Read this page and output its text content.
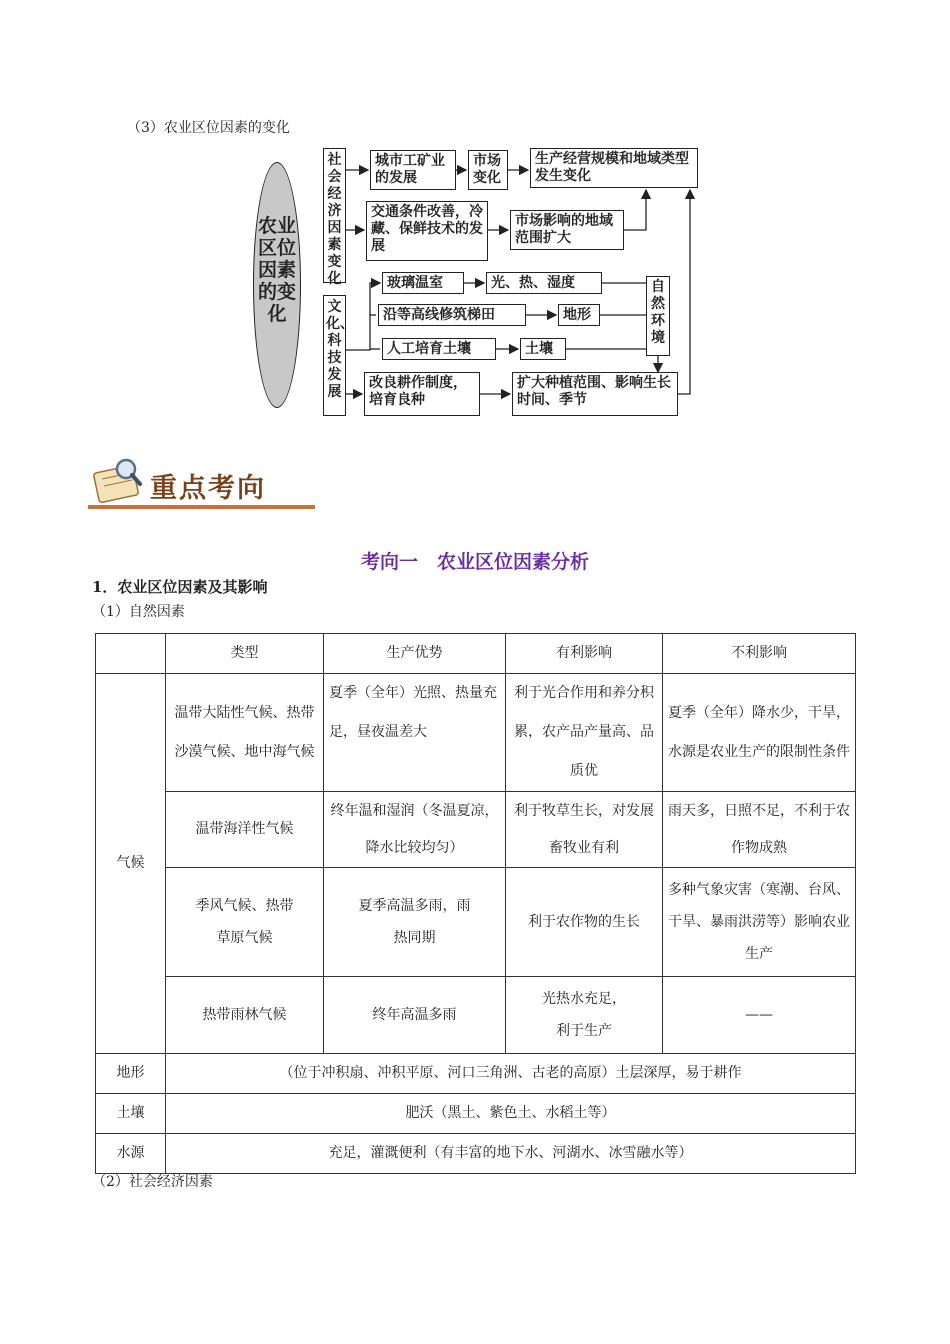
（3）农业区位因素的变化
农业区位因素的变化
社会经济因素变化
文化、科技发展
城市工矿业的发展
市场变化
生产经营规模和地域类型发生变化
交通条件改善，冷藏、保鲜技术的发展
市场影响的地域范围扩大
玻璃温室	光、热、湿度
沿等高线修筑梯田	地形
人工培育土壤	土壤
自然环境
改良耕作制度，培育良种
扩大种植范围、影响生长时间、季节
重点考向
考向一　农业区位因素分析
1．农业区位因素及其影响
（1）自然因素
	类型	生产优势	有利影响	不利影响
气候	温带大陆性气候、热带沙漠气候、地中海气候	夏季（全年）光照、热量充足，昼夜温差大	利于光合作用和养分积累，农产品产量高、品质优	夏季（全年）降水少，干旱，水源是农业生产的限制性条件
	温带海洋性气候	终年温和湿润（冬温夏凉，降水比较均匀）	利于牧草生长，对发展畜牧业有利	雨天多，日照不足，不利于农作物成熟
	季风气候、热带草原气候	夏季高温多雨，雨热同期	利于农作物的生长	多种气象灾害（寒潮、台风、干旱、暴雨洪涝等）影响农业生产
	热带雨林气候	终年高温多雨	光热水充足，利于生产	——
地形	（位于冲积扇、冲积平原、河口三角洲、古老的高原）土层深厚，易于耕作			
土壤	肥沃（黑土、紫色土、水稻土等）			
水源	充足，灌溉便利（有丰富的地下水、河湖水、冰雪融水等）			
（2）社会经济因素
